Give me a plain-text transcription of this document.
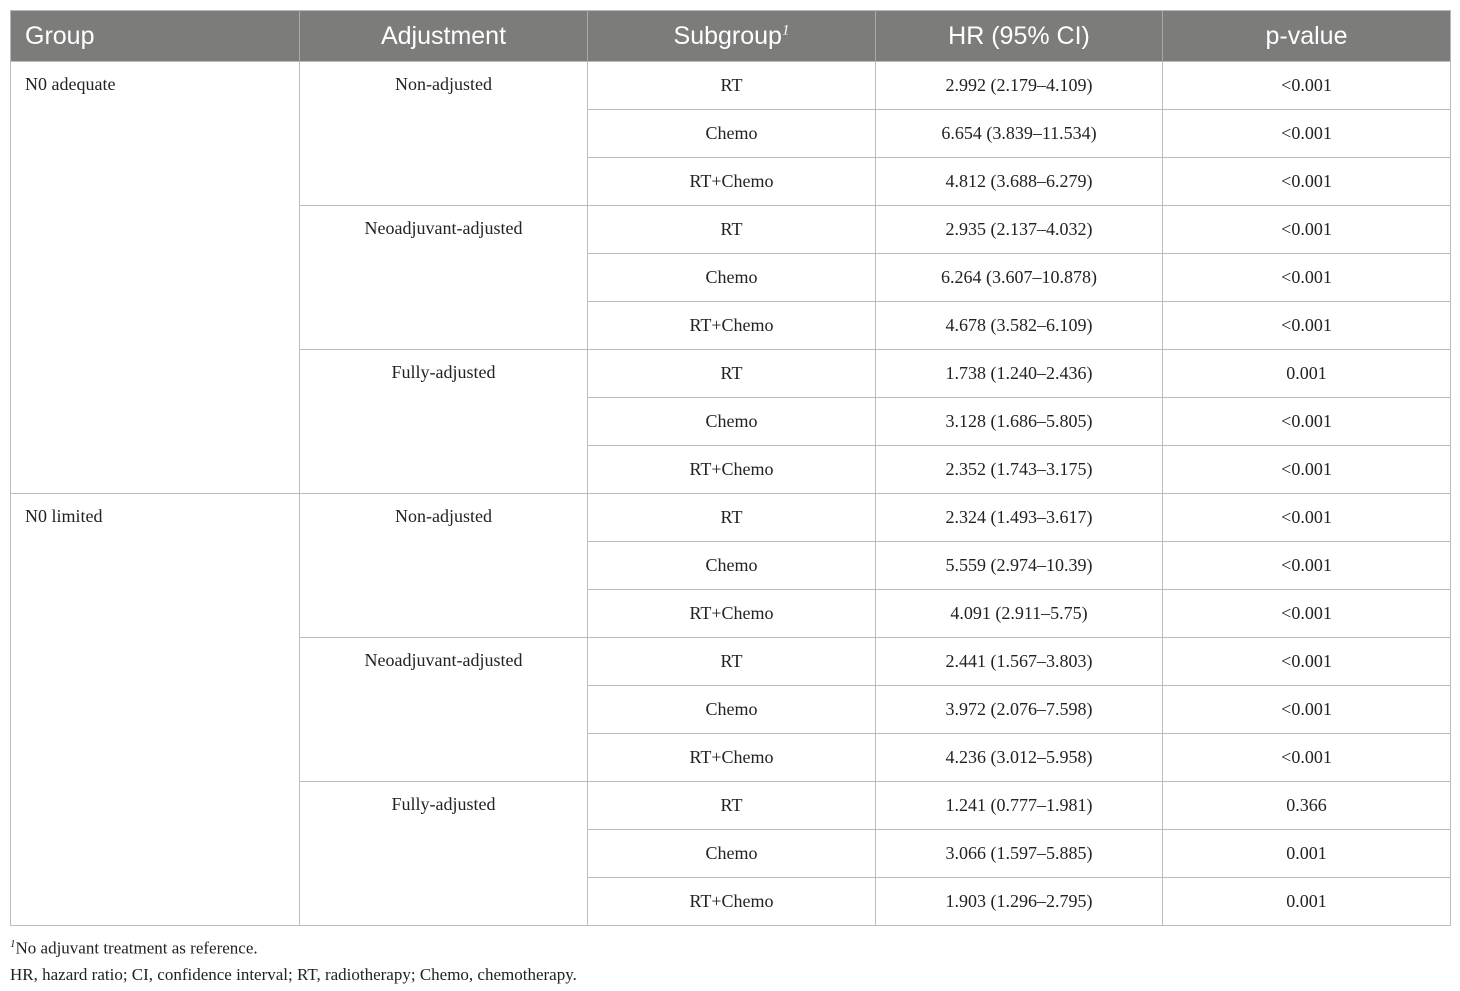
Group	Adjustment	Subgroup$^1$	HR (95% CI)	p-value
N0 adequate	Non-adjusted	RT	2.992 (2.179–4.109)	<0.001
		Chemo	6.654 (3.839–11.534)	<0.001
		RT+Chemo	4.812 (3.688–6.279)	<0.001
	Neoadjuvant-adjusted	RT	2.935 (2.137–4.032)	<0.001
		Chemo	6.264 (3.607–10.878)	<0.001
		RT+Chemo	4.678 (3.582–6.109)	<0.001
	Fully-adjusted	RT	1.738 (1.240–2.436)	0.001
		Chemo	3.128 (1.686–5.805)	<0.001
		RT+Chemo	2.352 (1.743–3.175)	<0.001
N0 limited	Non-adjusted	RT	2.324 (1.493–3.617)	<0.001
		Chemo	5.559 (2.974–10.39)	<0.001
		RT+Chemo	4.091 (2.911–5.75)	<0.001
	Neoadjuvant-adjusted	RT	2.441 (1.567–3.803)	<0.001
		Chemo	3.972 (2.076–7.598)	<0.001
		RT+Chemo	4.236 (3.012–5.958)	<0.001
	Fully-adjusted	RT	1.241 (0.777–1.981)	0.366
		Chemo	3.066 (1.597–5.885)	0.001
		RT+Chemo	1.903 (1.296–2.795)	0.001
$^1$No adjuvant treatment as reference.
HR, hazard ratio; CI, confidence interval; RT, radiotherapy; Chemo, chemotherapy.
